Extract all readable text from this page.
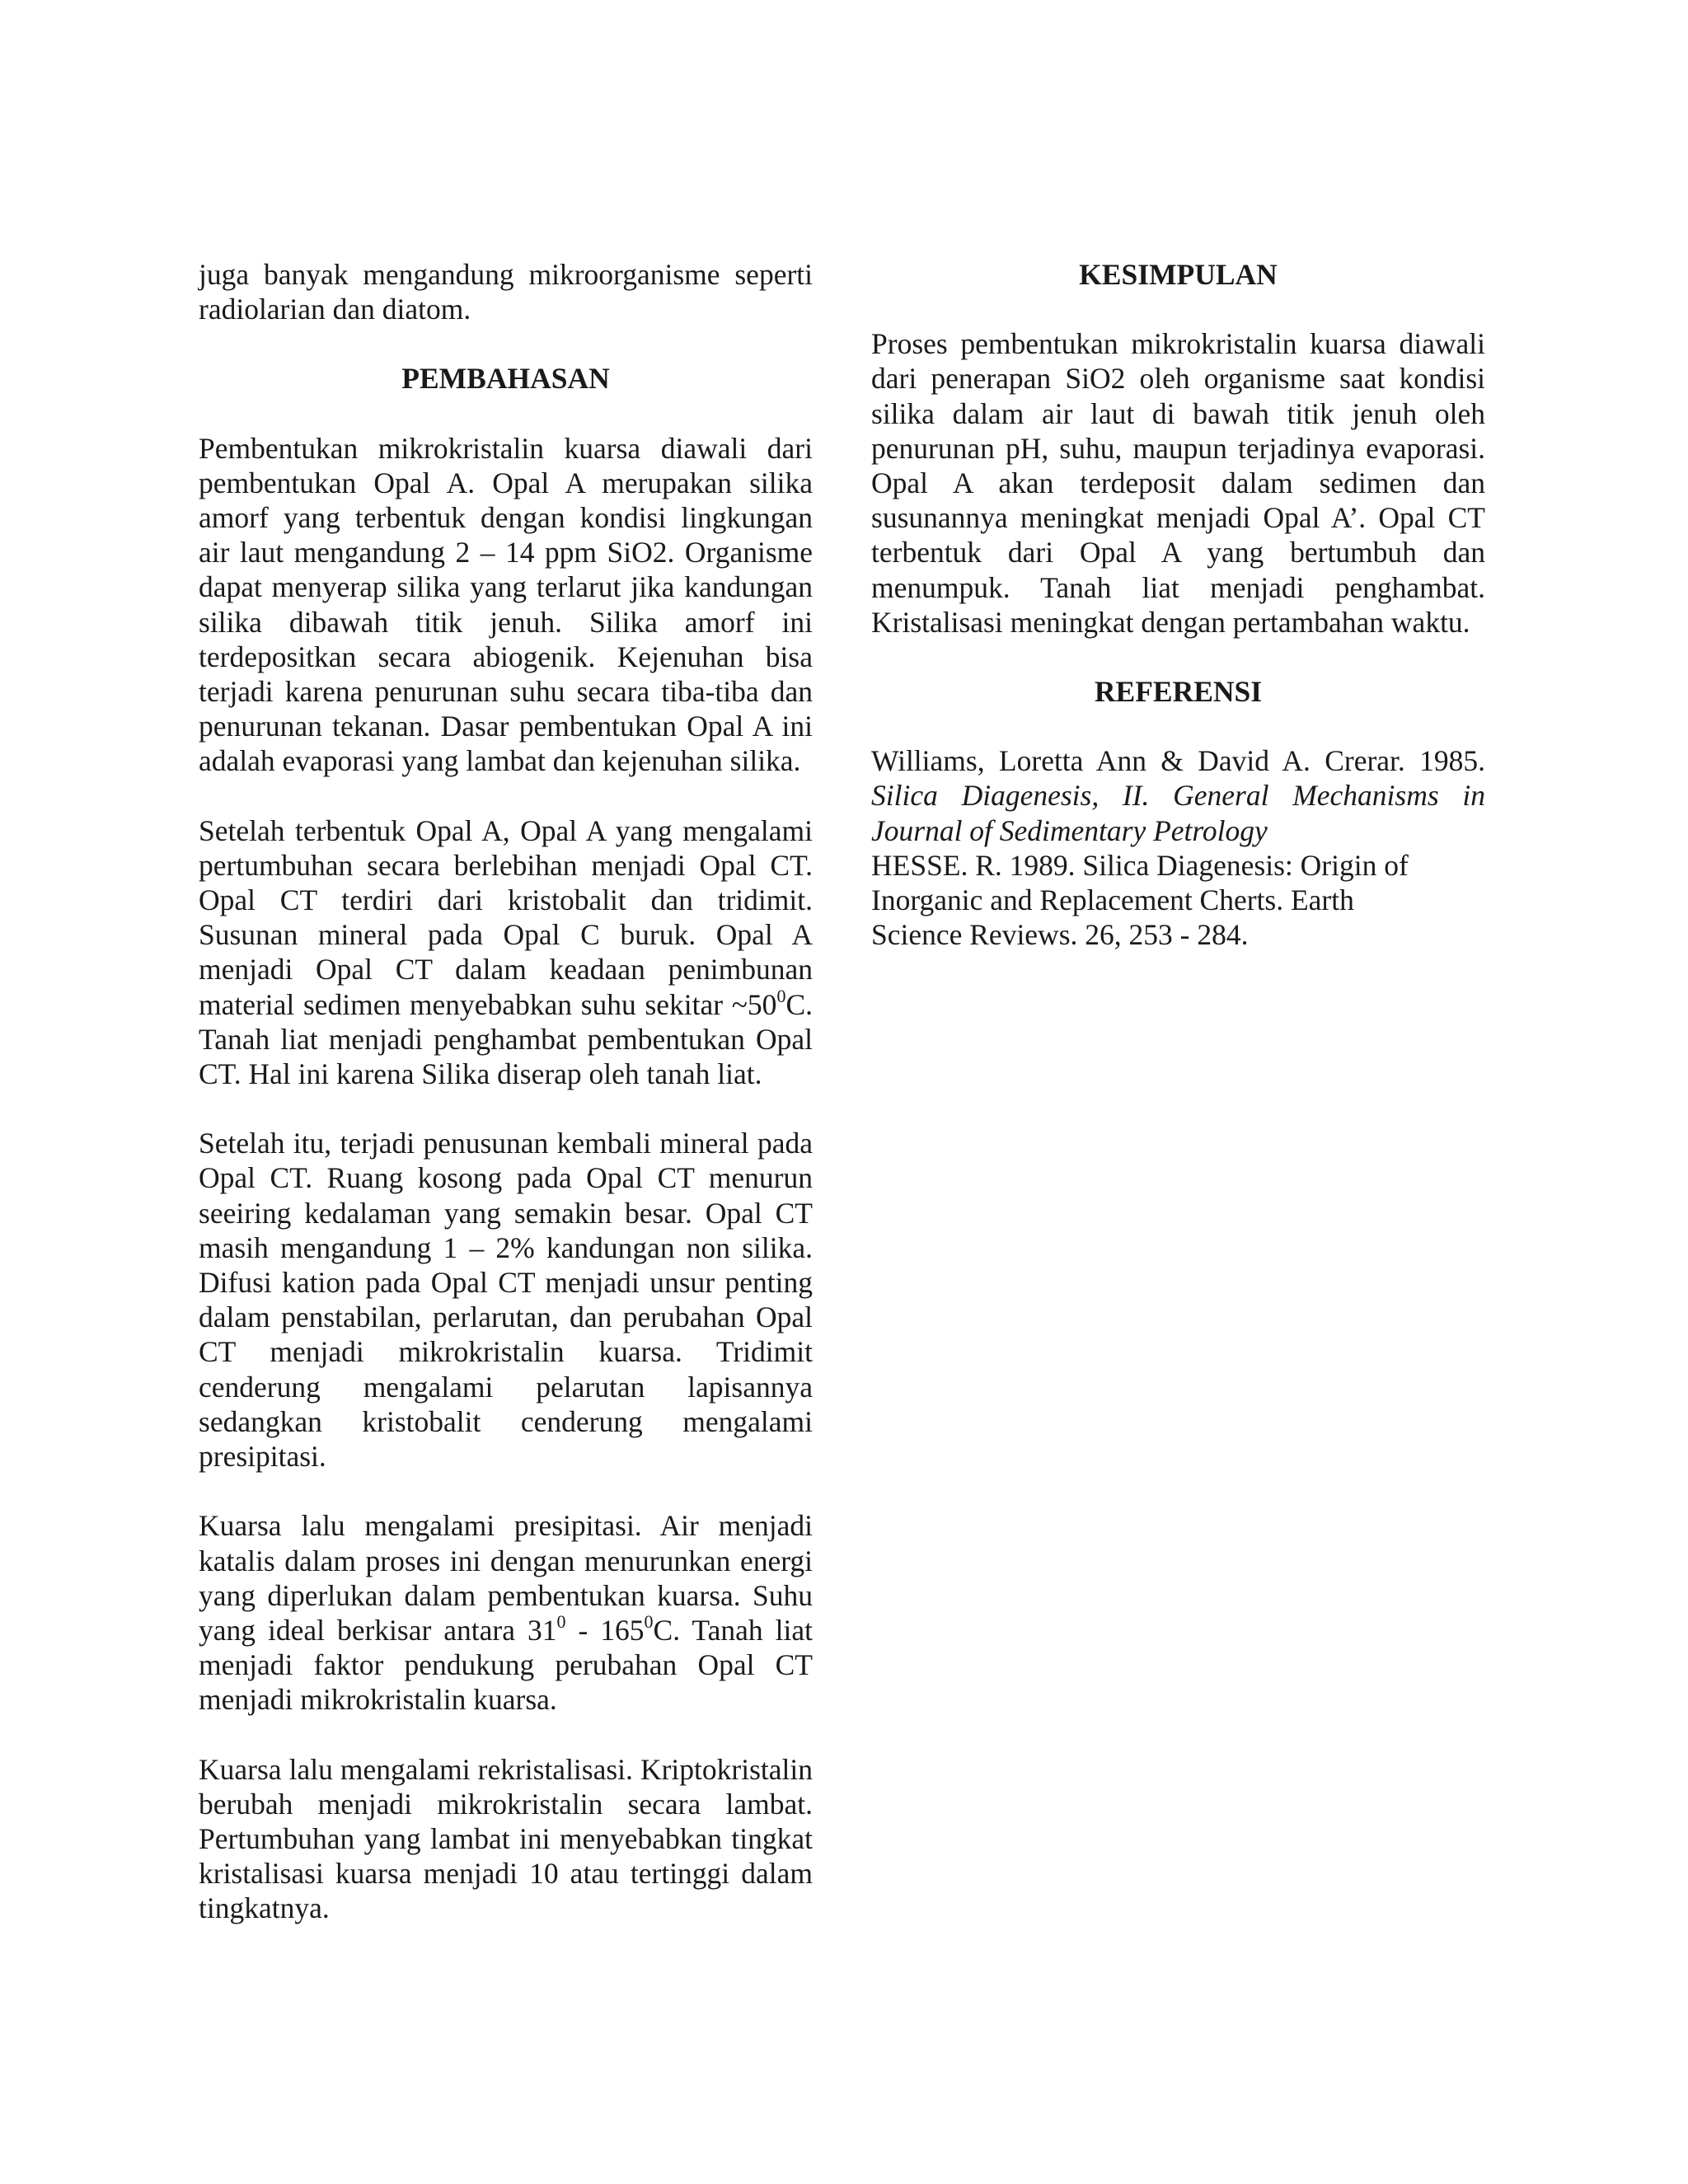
juga banyak mengandung mikroorganisme seperti radiolarian dan diatom.

PEMBAHASAN

Pembentukan mikrokristalin kuarsa diawali dari pembentukan Opal A. Opal A merupakan silika amorf yang terbentuk dengan kondisi lingkungan air laut mengandung 2 – 14 ppm SiO2. Organisme dapat menyerap silika yang terlarut jika kandungan silika dibawah titik jenuh. Silika amorf ini terdepositkan secara abiogenik. Kejenuhan bisa terjadi karena penurunan suhu secara tiba-tiba dan penurunan tekanan. Dasar pembentukan Opal A ini adalah evaporasi yang lambat dan kejenuhan silika.

Setelah terbentuk Opal A, Opal A yang mengalami pertumbuhan secara berlebihan menjadi Opal CT. Opal CT terdiri dari kristobalit dan tridimit. Susunan mineral pada Opal C buruk. Opal A menjadi Opal CT dalam keadaan penimbunan material sedimen menyebabkan suhu sekitar $\sim 50^0C$. Tanah liat menjadi penghambat pembentukan Opal CT. Hal ini karena Silika diserap oleh tanah liat.

Setelah itu, terjadi penusunan kembali mineral pada Opal CT. Ruang kosong pada Opal CT menurun seeiring kedalaman yang semakin besar. Opal CT masih mengandung 1 – 2% kandungan non silika. Difusi kation pada Opal CT menjadi unsur penting dalam penstabilan, perlarutan, dan perubahan Opal CT menjadi mikrokristalin kuarsa. Tridimit cenderung mengalami pelarutan lapisannya sedangkan kristobalit cenderung mengalami presipitasi.

Kuarsa lalu mengalami presipitasi. Air menjadi katalis dalam proses ini dengan menurunkan energi yang diperlukan dalam pembentukan kuarsa. Suhu yang ideal berkisar antara $31^0 - 165^0C$. Tanah liat menjadi faktor pendukung perubahan Opal CT menjadi mikrokristalin kuarsa.

Kuarsa lalu mengalami rekristalisasi. Kriptokristalin berubah menjadi mikrokristalin secara lambat. Pertumbuhan yang lambat ini menyebabkan tingkat kristalisasi kuarsa menjadi 10 atau tertinggi dalam tingkatnya.

KESIMPULAN

Proses pembentukan mikrokristalin kuarsa diawali dari penerapan SiO2 oleh organisme saat kondisi silika dalam air laut di bawah titik jenuh oleh penurunan pH, suhu, maupun terjadinya evaporasi. Opal A akan terdeposit dalam sedimen dan susunannya meningkat menjadi Opal A’. Opal CT terbentuk dari Opal A yang bertumbuh dan menumpuk. Tanah liat menjadi penghambat. Kristalisasi meningkat dengan pertambahan waktu.

REFERENSI

Williams, Loretta Ann & David A. Crerar. 1985. Silica Diagenesis, II. General Mechanisms in Journal of Sedimentary Petrology

HESSE. R. 1989. Silica Diagenesis: Origin of
Inorganic and Replacement Cherts. Earth
Science Reviews. 26, 253 - 284.
